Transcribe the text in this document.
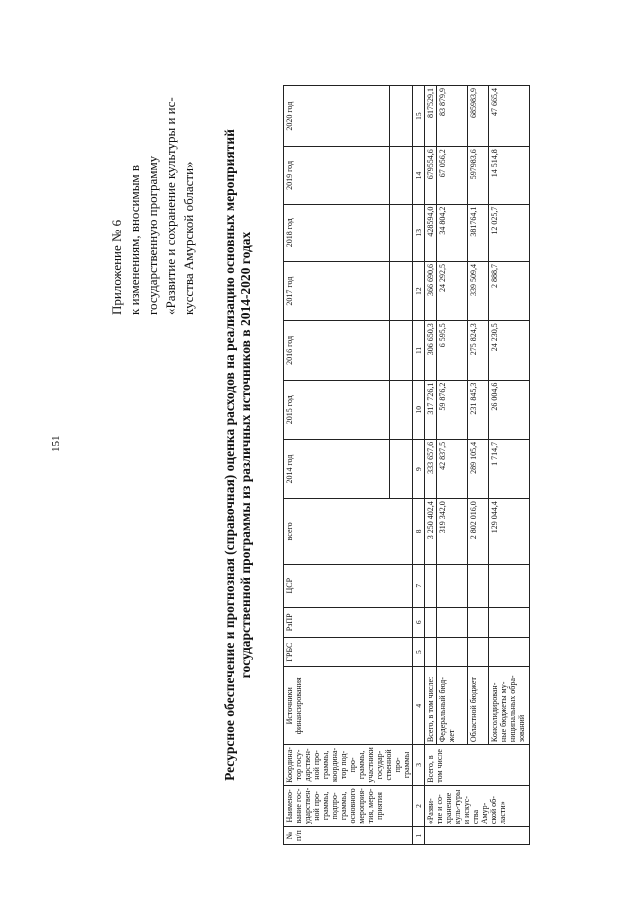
151
Приложение № 6 к изменениям, вносимым в государственную программу «Развитие и сохранение культуры и ис- кусства Амурской области» Ресурсное обеспечение и прогнозная (справочная) оценка расходов на реализацию основных мероприятий государственной программы из различных источников в 2014-2020 годах
№ п/п	Наимено-вание гос-ударствен-ной про-граммы, подпро-граммы, основного мероприя-тия, меро-приятия	Координа-тор госу-дарствен-ной про-граммы, координа-тор под-про-граммы, участники государ-ственной про-граммы	Источники финансирования	ГРБС	РзПР	ЦСР	всего	2014 год	2015 год	2016 год	2017 год	2018 год	2019 год	2020 год

1	2	3	4	5	6	7	8	9	10	11	12	13	14	15
	«Разви-тие и со-хранение куль-туры и искус-ства Амур-ской об-ласти»	Всего, в том числе	Всего, в том числе:				3 250 402,4	333 657,6	317 726,1	306 650,3	366 690,6	428594,0	679554,6	817529,1
			Федеральный бюд-жет				319 342,0	42 837,5	59 876,2	6 595,5	24 292,5	34 804,2	67 056,2	83 879,9
			Областной бюджет				2 802 016,0	289 105,4	231 845,3	275 824,3	339 509,4	381764,1	597983,6	685983,9
			Консолидирован-ные бюджеты му-ниципальных обра-зований				129 044,4	1 714,7	26 004,6	24 230,5	2 888,7	12 025,7	14 514,8	47 665,4
